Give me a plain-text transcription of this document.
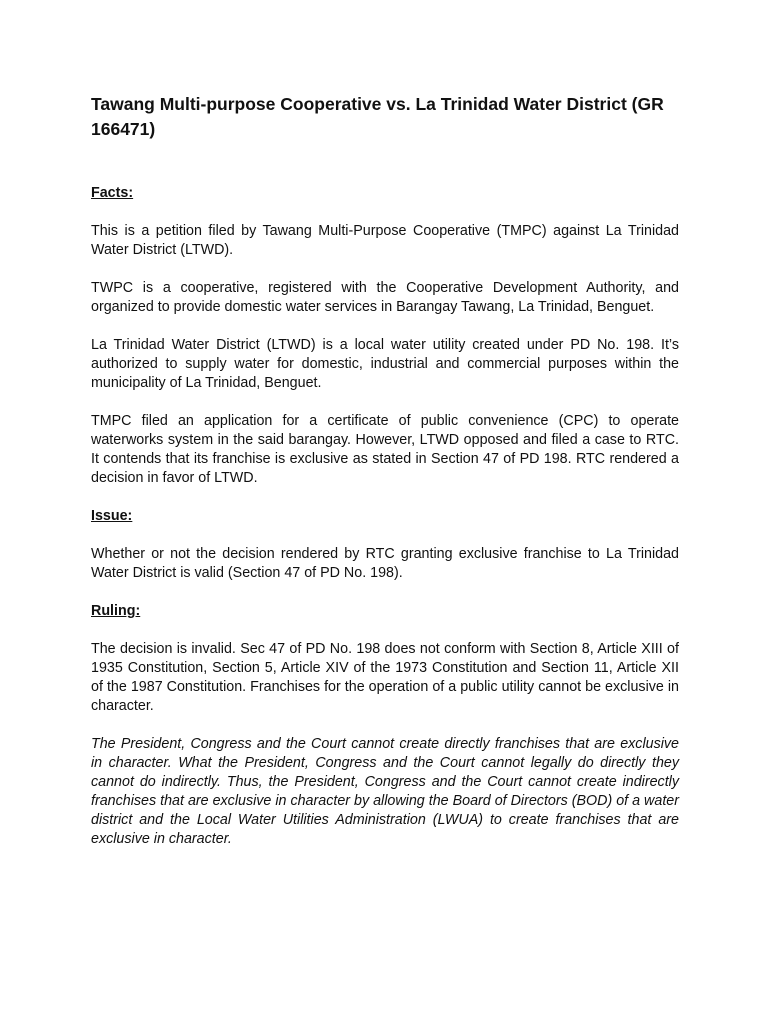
Tawang Multi-purpose Cooperative vs. La Trinidad Water District (GR 166471)
Facts:

This is a petition filed by Tawang Multi-Purpose Cooperative (TMPC) against La Trinidad Water District (LTWD).

TWPC is a cooperative, registered with the Cooperative Development Authority, and organized to provide domestic water services in Barangay Tawang, La Trinidad, Benguet.

La Trinidad Water District (LTWD) is a local water utility created under PD No. 198. It’s authorized to supply water for domestic, industrial and commercial purposes within the municipality of La Trinidad, Benguet.

TMPC filed an application for a certificate of public convenience (CPC) to operate waterworks system in the said barangay. However, LTWD opposed and filed a case to RTC. It contends that its franchise is exclusive as stated in Section 47 of PD 198. RTC rendered a decision in favor of LTWD.

Issue:

Whether or not the decision rendered by RTC granting exclusive franchise to La Trinidad Water District is valid (Section 47 of PD No. 198).

Ruling:

The decision is invalid. Sec 47 of PD No. 198 does not conform with Section 8, Article XIII of 1935 Constitution, Section 5, Article XIV of the 1973 Constitution and Section 11, Article XII of the 1987 Constitution. Franchises for the operation of a public utility cannot be exclusive in character.

The President, Congress and the Court cannot create directly franchises that are exclusive in character. What the President, Congress and the Court cannot legally do directly they cannot do indirectly. Thus, the President, Congress and the Court cannot create indirectly franchises that are exclusive in character by allowing the Board of Directors (BOD) of a water district and the Local Water Utilities Administration (LWUA) to create franchises that are exclusive in character.
